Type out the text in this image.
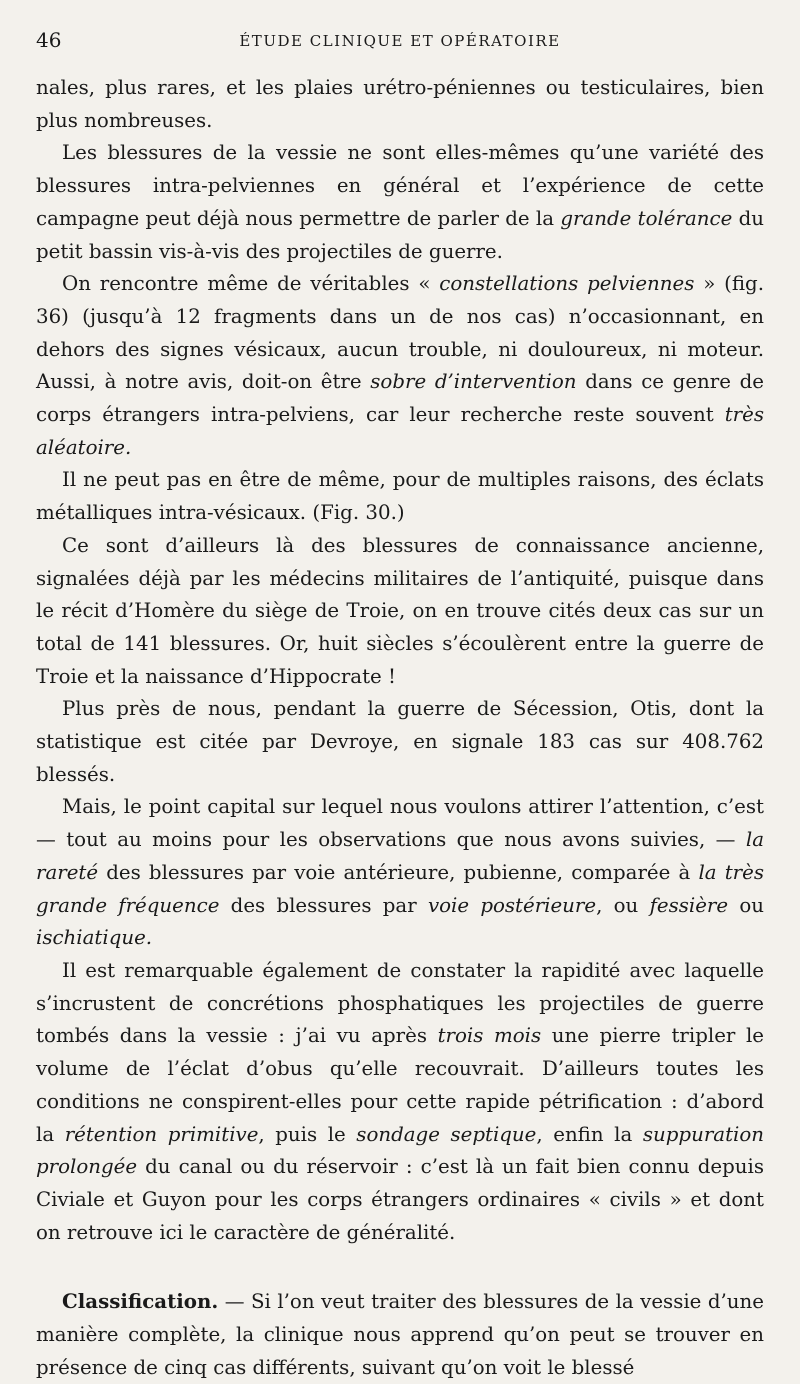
46	ÉTUDE CLINIQUE ET OPÉRATOIRE

nales, plus rares, et les plaies urétro-péniennes ou testiculaires, bien plus nombreuses.

Les blessures de la vessie ne sont elles-mêmes qu’une variété des blessures intra-pelviennes en général et l’expérience de cette campagne peut déjà nous permettre de parler de la grande tolérance du petit bassin vis-à-vis des projectiles de guerre.

On rencontre même de véritables « constellations pelviennes » (fig. 36) (jusqu’à 12 fragments dans un de nos cas) n’occasionnant, en dehors des signes vésicaux, aucun trouble, ni douloureux, ni moteur. Aussi, à notre avis, doit-on être sobre d’intervention dans ce genre de corps étrangers intra-pelviens, car leur recherche reste souvent très aléatoire.

Il ne peut pas en être de même, pour de multiples raisons, des éclats métalliques intra-vésicaux. (Fig. 30.)

Ce sont d’ailleurs là des blessures de connaissance ancienne, signalées déjà par les médecins militaires de l’antiquité, puisque dans le récit d’Homère du siège de Troie, on en trouve cités deux cas sur un total de 141 blessures. Or, huit siècles s’écoulèrent entre la guerre de Troie et la naissance d’Hippocrate !

Plus près de nous, pendant la guerre de Sécession, Otis, dont la statistique est citée par Devroye, en signale 183 cas sur 408.762 blessés.

Mais, le point capital sur lequel nous voulons attirer l’attention, c’est — tout au moins pour les observations que nous avons suivies, — la rareté des blessures par voie antérieure, pubienne, comparée à la très grande fréquence des blessures par voie postérieure, ou fessière ou ischiatique.

Il est remarquable également de constater la rapidité avec laquelle s’incrustent de concrétions phosphatiques les projectiles de guerre tombés dans la vessie : j’ai vu après trois mois une pierre tripler le volume de l’éclat d’obus qu’elle recouvrait. D’ailleurs toutes les conditions ne conspirent-elles pour cette rapide pétrification : d’abord la rétention primitive, puis le sondage septique, enfin la suppuration prolongée du canal ou du réservoir : c’est là un fait bien connu depuis Civiale et Guyon pour les corps étrangers ordinaires « civils » et dont on retrouve ici le caractère de généralité.

Classification. — Si l’on veut traiter des blessures de la vessie d’une manière complète, la clinique nous apprend qu’on peut se trouver en présence de cinq cas différents, suivant qu’on voit le blessé
